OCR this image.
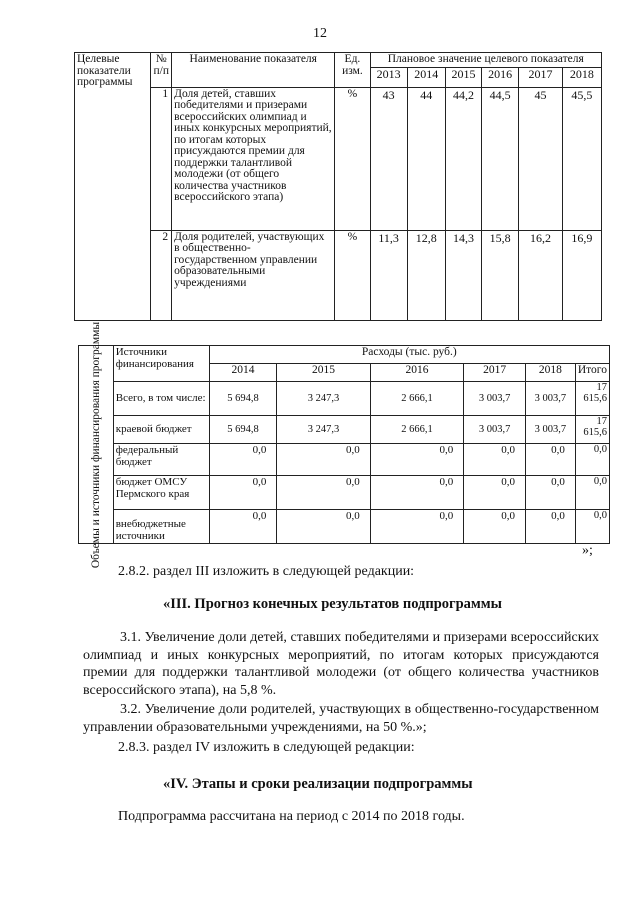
12
Целевые показатели программы	№ п/п	Наименование показателя	Ед. изм.	Плановое значение целевого показателя					
				2013	2014	2015	2016	2017	2018
	1	Доля детей, ставших победителями и призерами всероссийских олимпиад и иных конкурсных мероприятий, по итогам которых присуждаются премии для поддержки талантливой молодежи (от общего количества участников всероссийского этапа)	%	43	44	44,2	44,5	45	45,5
	2	Доля родителей, участвующих в общественно-государственном управлении образовательными учреждениями	%	11,3	12,8	14,3	15,8	16,2	16,9
Объемы и источники финансирования программы	Источники финансирования	Расходы (тыс. руб.)					
		2014	2015	2016	2017	2018	Итого
	Всего, в том числе:	5 694,8	3 247,3	2 666,1	3 003,7	3 003,7	17 615,6
	краевой бюджет	5 694,8	3 247,3	2 666,1	3 003,7	3 003,7	17 615,6
	федеральный бюджет	0,0	0,0	0,0	0,0	0,0	0,0
	бюджет ОМСУ Пермского края	0,0	0,0	0,0	0,0	0,0	0,0
	внебюджетные источники	0,0	0,0	0,0	0,0	0,0	0,0
»;
2.8.2. раздел III изложить в следующей редакции:
«III. Прогноз конечных результатов подпрограммы
3.1. Увеличение доли детей, ставших победителями и призерами всероссийских олимпиад и иных конкурсных мероприятий, по итогам которых присуждаются премии для поддержки талантливой молодежи (от общего количества участников всероссийского этапа), на 5,8 %.
3.2. Увеличение доли родителей, участвующих в общественно-государственном управлении образовательными учреждениями, на 50 %.»;
2.8.3. раздел IV изложить в следующей редакции:
«IV. Этапы и сроки реализации подпрограммы
Подпрограмма рассчитана на период с 2014 по 2018 годы.
